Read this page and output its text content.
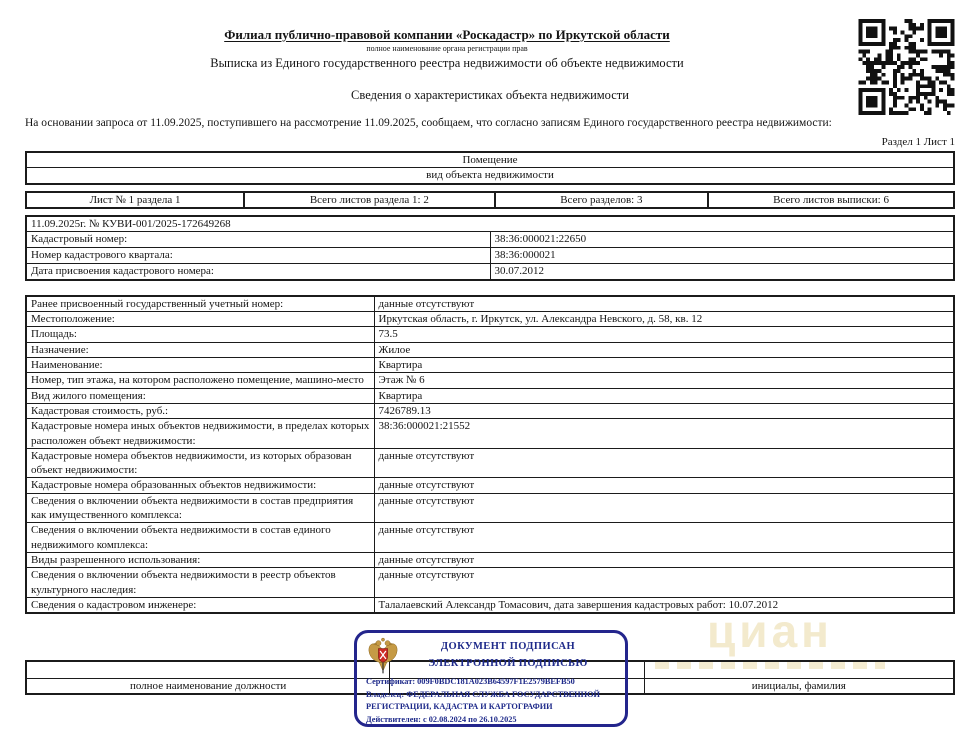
циан
Филиал публично-правовой компании «Роскадастр» по Иркутской области
полное наименование органа регистрации прав
Выписка из Единого государственного реестра недвижимости об объекте недвижимости
Сведения о характеристиках объекта недвижимости
На основании запроса от 11.09.2025, поступившего на рассмотрение 11.09.2025, сообщаем, что согласно записям Единого государственного реестра недвижимости:
Раздел 1 Лист 1
Помещение
вид объекта недвижимости
Лист № 1 раздела 1	Всего листов раздела 1: 2	Всего разделов: 3	Всего листов выписки: 6
11.09.2025г. № КУВИ-001/2025-172649268	
Кадастровый номер:	38:36:000021:22650
Номер кадастрового квартала:	38:36:000021
Дата присвоения кадастрового номера:	30.07.2012
Ранее присвоенный государственный учетный номер:	данные отсутствуют
Местоположение:	Иркутская область, г. Иркутск, ул. Александра Невского, д. 58, кв. 12
Площадь:	73.5
Назначение:	Жилое
Наименование:	Квартира
Номер, тип этажа, на котором расположено помещение, машино-место	Этаж № 6
Вид жилого помещения:	Квартира
Кадастровая стоимость, руб.:	7426789.13
Кадастровые номера иных объектов недвижимости, в пределах которых расположен объект недвижимости:	38:36:000021:21552
Кадастровые номера объектов недвижимости, из которых образован объект недвижимости:	данные отсутствуют
Кадастровые номера образованных объектов недвижимости:	данные отсутствуют
Сведения о включении объекта недвижимости в состав предприятия как имущественного комплекса:	данные отсутствуют
Сведения о включении объекта недвижимости в состав единого недвижимого комплекса:	данные отсутствуют
Виды разрешенного использования:	данные отсутствуют
Сведения о включении объекта недвижимости в реестр объектов культурного наследия:	данные отсутствуют
Сведения о кадастровом инженере:	Талалаевский Александр Томасович, дата завершения кадастровых работ: 10.07.2012

полное наименование должности		инициалы, фамилия
ДОКУМЕНТ ПОДПИСАН
ЭЛЕКТРОННОЙ ПОДПИСЬЮ
Сертификат: 009F0BDC181A023B64597F1E2579BEFB50
Владелец: ФЕДЕРАЛЬНАЯ СЛУЖБА ГОСУДАРСТВЕННОЙ РЕГИСТРАЦИИ, КАДАСТРА И КАРТОГРАФИИ
Действителен: с 02.08.2024 по 26.10.2025
